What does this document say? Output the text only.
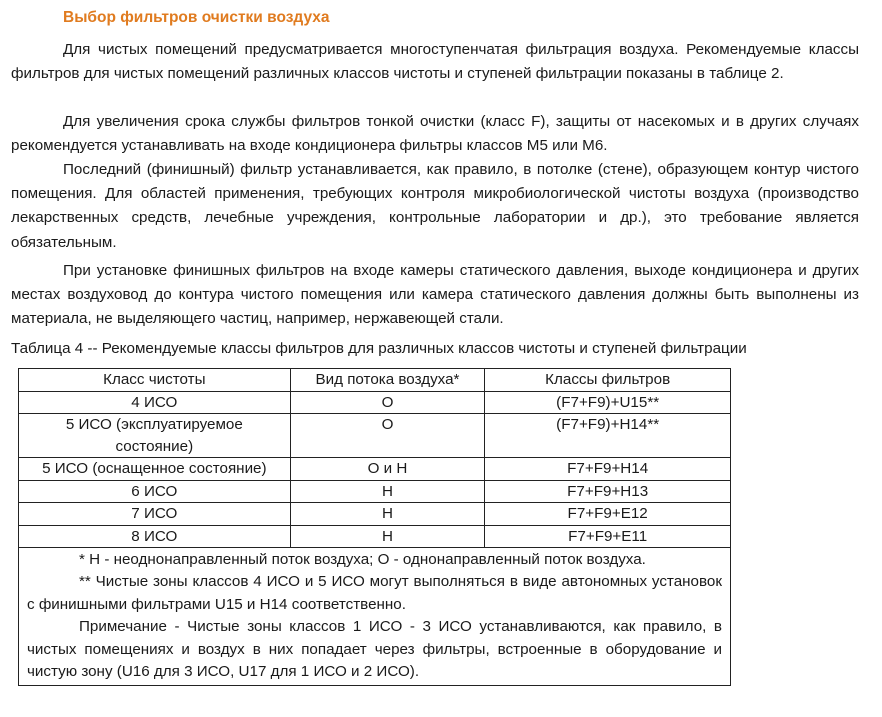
Выбор фильтров очистки воздуха
Для чистых помещений предусматривается многоступенчатая фильтрация воздуха. Рекомендуемые классы фильтров для чистых помещений различных классов чистоты и ступеней фильтрации показаны в таблице 2.
Для увеличения срока службы фильтров тонкой очистки (класс F), защиты от насекомых и в других случаях рекомендуется устанавливать на входе кондиционера фильтры классов М5 или М6.
Последний (финишный) фильтр устанавливается, как правило, в потолке (стене), образующем контур чистого помещения. Для областей применения, требующих контроля микробиологической чистоты воздуха (производство лекарственных средств, лечебные учреждения, контрольные лаборатории и др.), это требование является обязательным.
При установке финишных фильтров на входе камеры статического давления, выходе кондиционера и других местах воздуховод до контура чистого помещения или камера статического давления должны быть выполнены из материала, не выделяющего частиц, например, нержавеющей стали.
Таблица 4 -- Рекомендуемые классы фильтров для различных классов чистоты и ступеней фильтрации
Класс чистоты	Вид потока воздуха*	Классы фильтров
4 ИСО	О	(F7+F9)+U15**
5 ИСО (эксплуатируемое состояние)	О	(F7+F9)+H14**
5 ИСО (оснащенное состояние)	О и Н	F7+F9+H14
6 ИСО	Н	F7+F9+H13
7 ИСО	Н	F7+F9+E12
8 ИСО	Н	F7+F9+E11

* Н - неоднонаправленный поток воздуха; О - однонаправленный поток воздуха.
** Чистые зоны классов 4 ИСО и 5 ИСО могут выполняться в виде автономных установок с финишными фильтрами U15 и H14 соответственно.
Примечание - Чистые зоны классов 1 ИСО - 3 ИСО устанавливаются, как правило, в чистых помещениях и воздух в них попадает через фильтры, встроенные в оборудование и чистую зону (U16 для 3 ИСО, U17 для 1 ИСО и 2 ИСО).		
